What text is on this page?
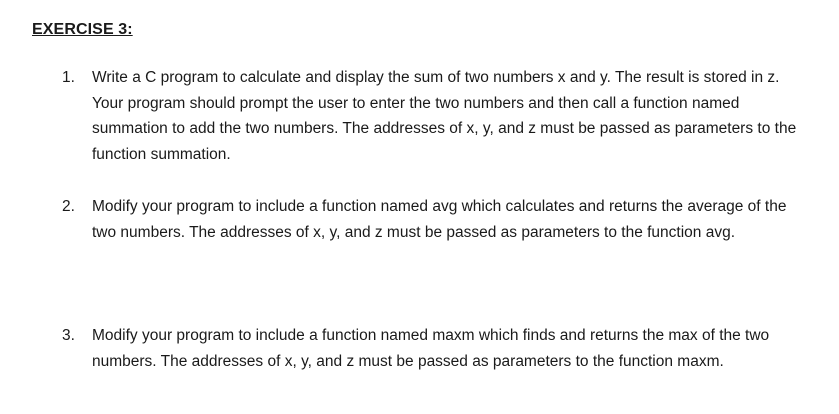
EXERCISE 3:
1.	Write a C program to calculate and display the sum of two numbers x and y. The result is stored in z. Your program should prompt the user to enter the two numbers and then call a function named summation to add the two numbers. The addresses of x, y, and z must be passed as parameters to the function summation.
2.	Modify your program to include a function named avg which calculates and returns the average of the two numbers. The addresses of x, y, and z must be passed as parameters to the function avg.
3.	Modify your program to include a function named maxm which finds and returns the max of the two numbers. The addresses of x, y, and z must be passed as parameters to the function maxm.
